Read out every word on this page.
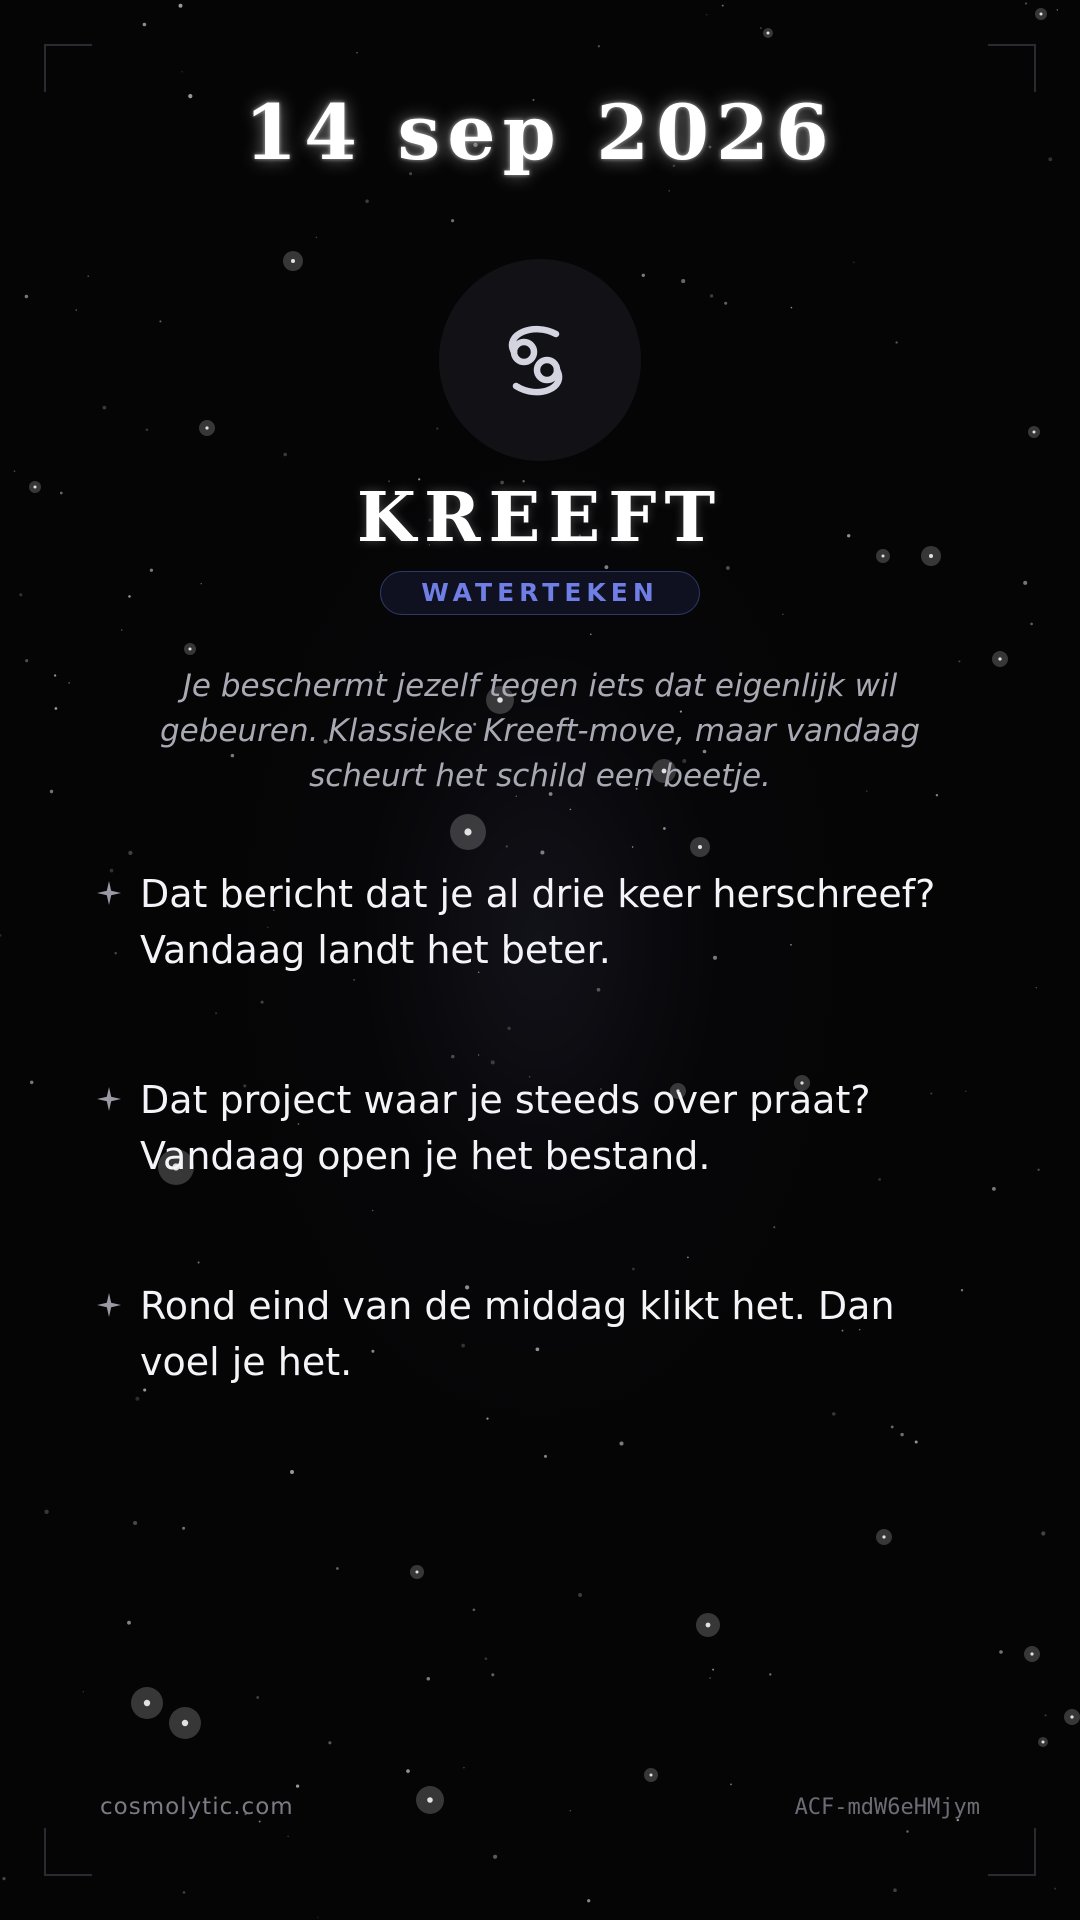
14 sep 2026
KREEFT
WATERTEKEN
Je beschermt jezelf tegen iets dat eigenlijk wil gebeuren. Klassieke Kreeft-move, maar vandaag scheurt het schild een beetje.
Dat bericht dat je al drie keer herschreef? Vandaag landt het beter.
Dat project waar je steeds over praat? Vandaag open je het bestand.
Rond eind van de middag klikt het. Dan voel je het.
cosmolytic.com	ACF-mdW6eHMjym
